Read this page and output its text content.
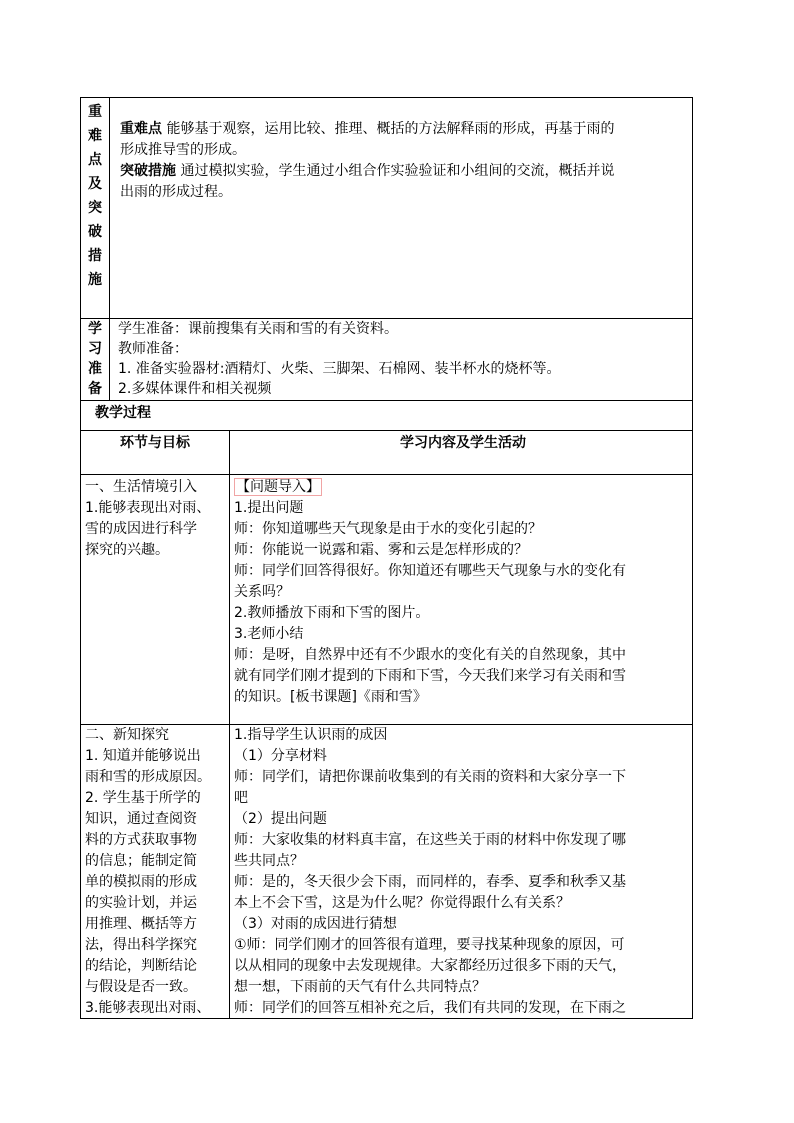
重
难
点
及
突
破
措
施
重难点 能够基于观察，运用比较、推理、概括的方法解释雨的形成，再基于雨的
形成推导雪的形成。
突破措施 通过模拟实验，学生通过小组合作实验验证和小组间的交流，概括并说
出雨的形成过程。
学
习
准
备
学生准备：课前搜集有关雨和雪的有关资料。
教师准备：
1. 准备实验器材:酒精灯、火柴、三脚架、石棉网、装半杯水的烧杯等。
2.多媒体课件和相关视频
教学过程
环节与目标	学习内容及学生活动
一、生活情境引入
1.能够表现出对雨、
雪的成因进行科学
探究的兴趣。
【问题导入】
1.提出问题
师：你知道哪些天气现象是由于水的变化引起的？
师：你能说一说露和霜、雾和云是怎样形成的？
师：同学们回答得很好。你知道还有哪些天气现象与水的变化有
关系吗？
2.教师播放下雨和下雪的图片。
3.老师小结
师：是呀，自然界中还有不少跟水的变化有关的自然现象，其中
就有同学们刚才提到的下雨和下雪，今天我们来学习有关雨和雪
的知识。[板书课题]《雨和雪》
二、新知探究
1. 知道并能够说出
雨和雪的形成原因。
2. 学生基于所学的
知识，通过查阅资
料的方式获取事物
的信息；能制定简
单的模拟雨的形成
的实验计划，并运
用推理、概括等方
法，得出科学探究
的结论，判断结论
与假设是否一致。
3.能够表现出对雨、
1.指导学生认识雨的成因
（1）分享材料
师：同学们，请把你课前收集到的有关雨的资料和大家分享一下
吧
（2）提出问题
师：大家收集的材料真丰富，在这些关于雨的材料中你发现了哪
些共同点？
师：是的，冬天很少会下雨，而同样的，春季、夏季和秋季又基
本上不会下雪，这是为什么呢？你觉得跟什么有关系？
（3）对雨的成因进行猜想
①师：同学们刚才的回答很有道理，要寻找某种现象的原因，可
以从相同的现象中去发现规律。大家都经历过很多下雨的天气，
想一想，下雨前的天气有什么共同特点？
师：同学们的回答互相补充之后，我们有共同的发现，在下雨之
